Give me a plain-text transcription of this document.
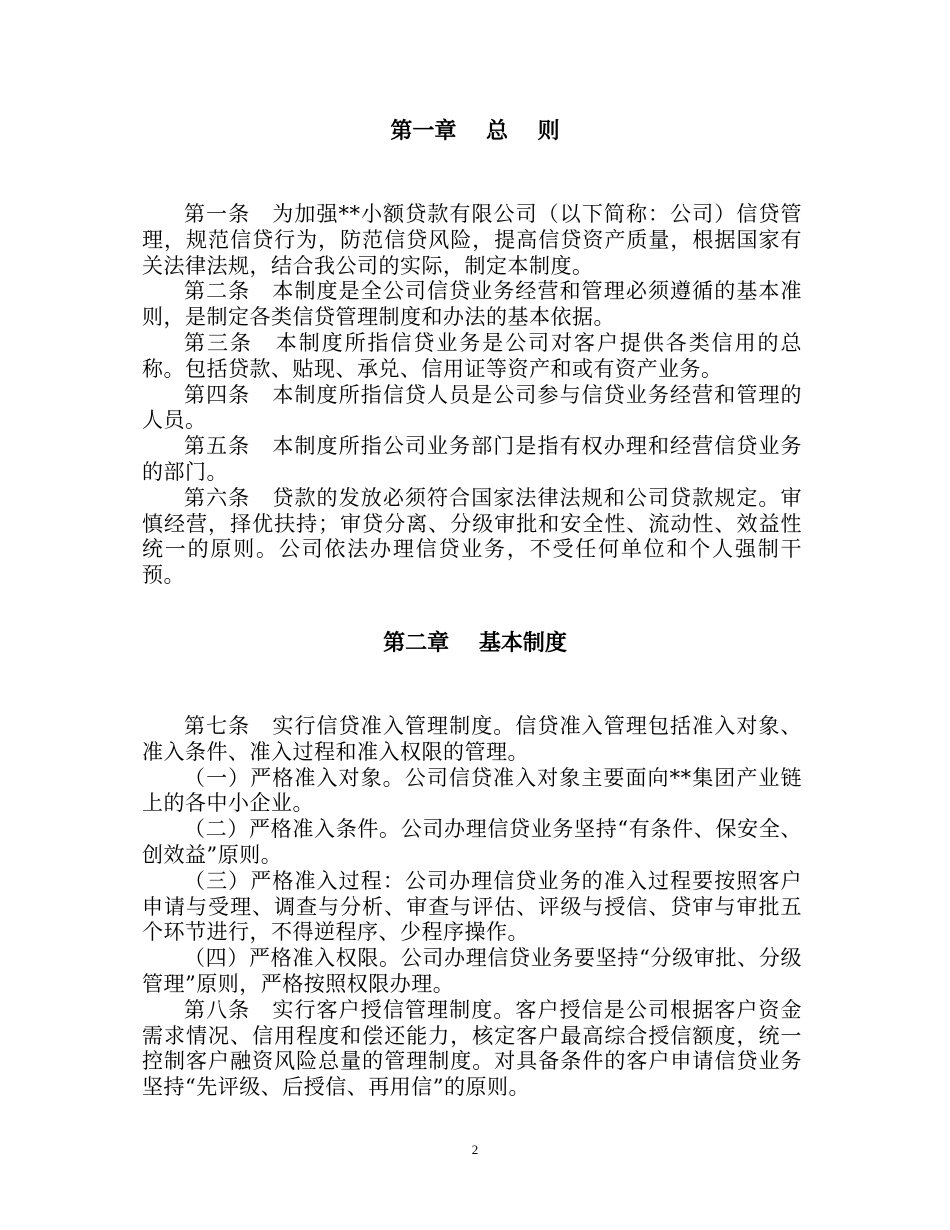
第一章　 总　 则

第一条　为加强**小额贷款有限公司（以下简称：公司）信贷管理，规范信贷行为，防范信贷风险，提高信贷资产质量，根据国家有关法律法规，结合我公司的实际，制定本制度。

第二条　本制度是全公司信贷业务经营和管理必须遵循的基本准则，是制定各类信贷管理制度和办法的基本依据。

第三条　本制度所指信贷业务是公司对客户提供各类信用的总称。包括贷款、贴现、承兑、信用证等资产和或有资产业务。

第四条　本制度所指信贷人员是公司参与信贷业务经营和管理的人员。

第五条　本制度所指公司业务部门是指有权办理和经营信贷业务的部门。

第六条　贷款的发放必须符合国家法律法规和公司贷款规定。审慎经营，择优扶持；审贷分离、分级审批和安全性、流动性、效益性统一的原则。公司依法办理信贷业务，不受任何单位和个人强制干预。

第二章　 基本制度

第七条　实行信贷准入管理制度。信贷准入管理包括准入对象、准入条件、准入过程和准入权限的管理。

（一）严格准入对象。公司信贷准入对象主要面向**集团产业链上的各中小企业。

（二）严格准入条件。公司办理信贷业务坚持“有条件、保安全、创效益”原则。

（三）严格准入过程：公司办理信贷业务的准入过程要按照客户申请与受理、调查与分析、审查与评估、评级与授信、贷审与审批五个环节进行，不得逆程序、少程序操作。

（四）严格准入权限。公司办理信贷业务要坚持“分级审批、分级管理”原则，严格按照权限办理。

第八条　实行客户授信管理制度。客户授信是公司根据客户资金需求情况、信用程度和偿还能力，核定客户最高综合授信额度，统一控制客户融资风险总量的管理制度。对具备条件的客户申请信贷业务坚持“先评级、后授信、再用信”的原则。

2
